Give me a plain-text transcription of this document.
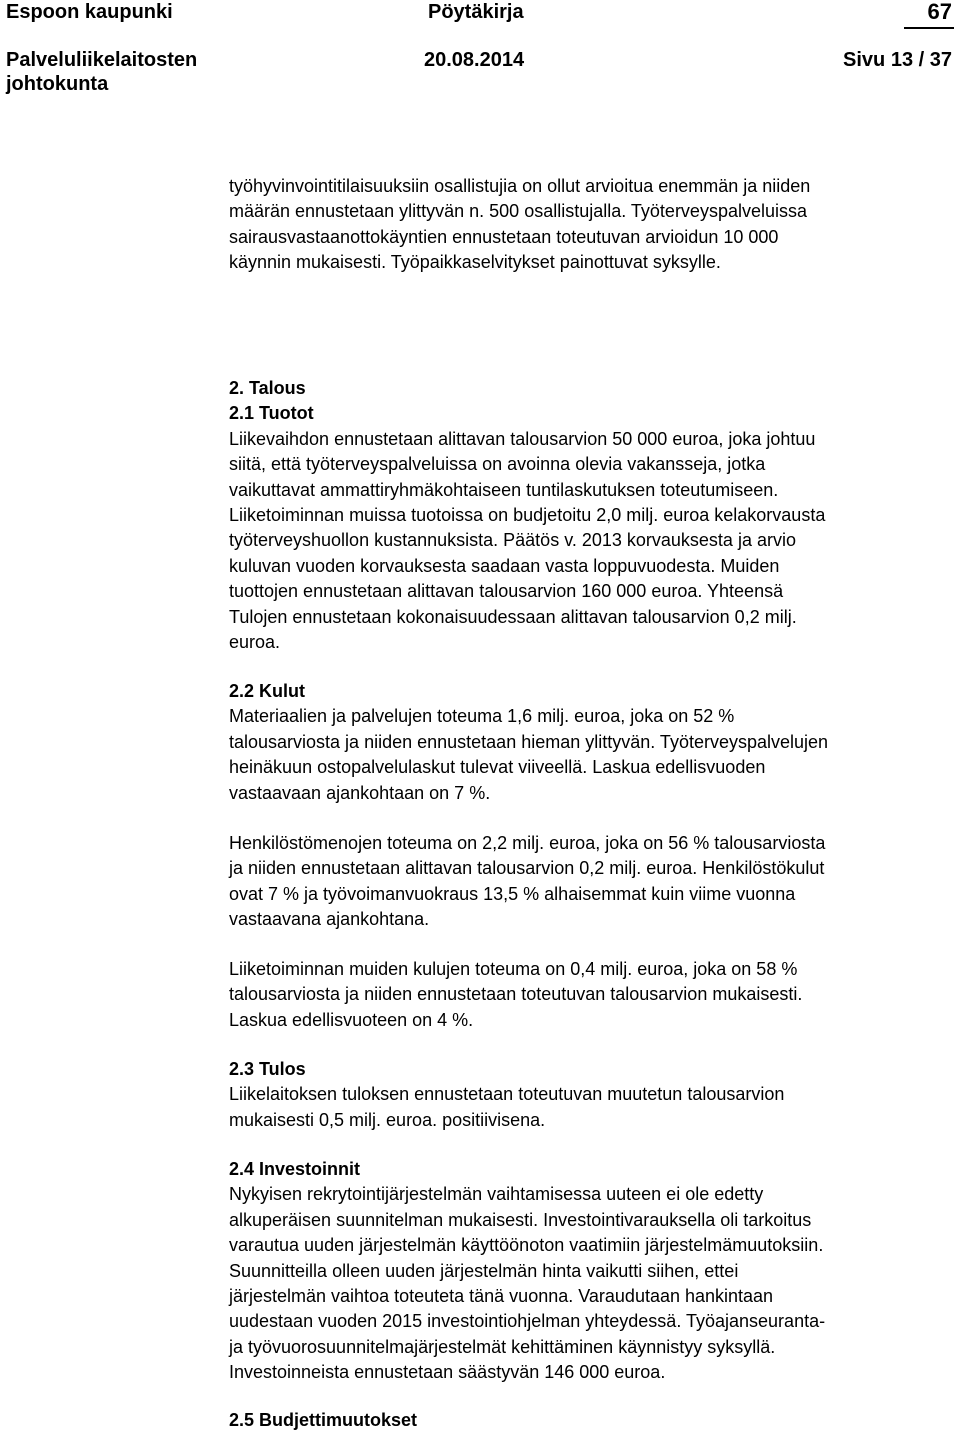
Espoon kaupunki	Pöytäkirja	67
Palveluliikelaitosten
johtokunta
20.08.2014	Sivu 13 / 37

työhyvinvointitilaisuuksiin osallistujia on ollut arvioitua enemmän ja niiden

määrän ennustetaan ylittyvän n. 500 osallistujalla. Työterveyspalveluissa

sairausvastaanottokäyntien ennustetaan toteutuvan arvioidun 10 000

käynnin mukaisesti. Työpaikkaselvitykset painottuvat syksylle.

2. Talous

2.1 Tuotot

Liikevaihdon ennustetaan alittavan talousarvion 50 000 euroa, joka johtuu

siitä, että työterveyspalveluissa on avoinna olevia vakansseja, jotka

vaikuttavat ammattiryhmäkohtaiseen tuntilaskutuksen toteutumiseen.

Liiketoiminnan muissa tuotoissa on budjetoitu 2,0 milj. euroa kelakorvausta

työterveyshuollon kustannuksista. Päätös v. 2013 korvauksesta ja arvio

kuluvan vuoden korvauksesta saadaan vasta loppuvuodesta. Muiden

tuottojen ennustetaan alittavan talousarvion 160 000 euroa. Yhteensä

Tulojen ennustetaan kokonaisuudessaan alittavan talousarvion 0,2 milj.

euroa.

2.2 Kulut

Materiaalien ja palvelujen toteuma 1,6 milj. euroa, joka on 52 %

talousarviosta ja niiden ennustetaan hieman ylittyvän. Työterveyspalvelujen

heinäkuun ostopalvelulaskut tulevat viiveellä. Laskua edellisvuoden

vastaavaan ajankohtaan on 7 %.

Henkilöstömenojen toteuma on 2,2 milj. euroa, joka on 56 % talousarviosta

ja niiden ennustetaan alittavan talousarvion 0,2 milj. euroa. Henkilöstökulut

ovat 7 % ja työvoimanvuokraus 13,5 % alhaisemmat kuin viime vuonna

vastaavana ajankohtana.

Liiketoiminnan muiden kulujen toteuma on 0,4 milj. euroa, joka on 58 %

talousarviosta ja niiden ennustetaan toteutuvan talousarvion mukaisesti.

Laskua edellisvuoteen on 4 %.

2.3 Tulos

Liikelaitoksen tuloksen ennustetaan toteutuvan muutetun talousarvion

mukaisesti 0,5 milj. euroa. positiivisena.

2.4 Investoinnit

Nykyisen rekrytointijärjestelmän vaihtamisessa uuteen ei ole edetty

alkuperäisen suunnitelman mukaisesti. Investointivarauksella oli tarkoitus

varautua uuden järjestelmän käyttöönoton vaatimiin järjestelmämuutoksiin.

Suunnitteilla olleen uuden järjestelmän hinta vaikutti siihen, ettei

järjestelmän vaihtoa toteuteta tänä vuonna. Varaudutaan hankintaan

uudestaan vuoden 2015 investointiohjelman yhteydessä. Työajanseuranta-

ja työvuorosuunnitelmajärjestelmät kehittäminen käynnistyy syksyllä.

Investoinneista ennustetaan säästyvän 146 000 euroa.

2.5 Budjettimuutokset
